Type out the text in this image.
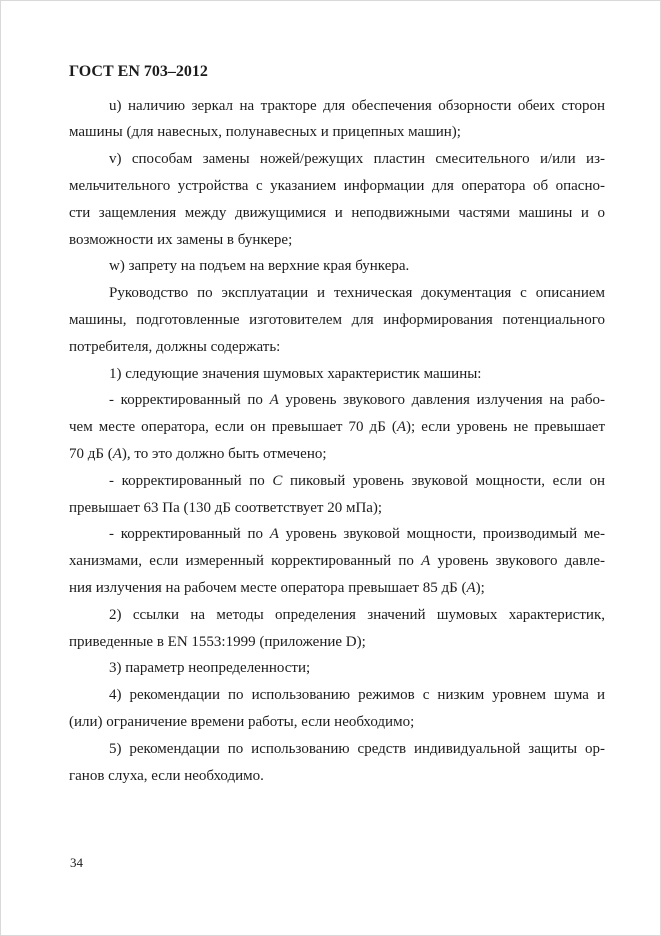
ГОСТ EN 703–2012
u) наличию зеркал на тракторе для обеспечения обзорности обеих сторон
машины (для навесных, полунавесных и прицепных машин);
v) способам замены ножей/режущих пластин смесительного и/или из-
мельчительного устройства с указанием информации для оператора об опасно-
сти защемления между движущимися и неподвижными частями машины и о
возможности их замены в бункере;
w) запрету на подъем на верхние края бункера.
Руководство по эксплуатации и техническая документация с описанием
машины, подготовленные изготовителем для информирования потенциального
потребителя, должны содержать:
1) следующие значения шумовых характеристик машины:
- корректированный по A уровень звукового давления излучения на рабо-
чем месте оператора, если он превышает 70 дБ (A); если уровень не превышает
70 дБ (A), то это должно быть отмечено;
- корректированный по C пиковый уровень звуковой мощности, если он
превышает 63 Па (130 дБ соответствует 20 мПа);
- корректированный по A уровень звуковой мощности, производимый ме-
ханизмами, если измеренный корректированный по A уровень звукового давле-
ния излучения на рабочем месте оператора превышает 85 дБ (A);
2) ссылки на методы определения значений шумовых характеристик,
приведенные в EN 1553:1999 (приложение D);
3) параметр неопределенности;
4) рекомендации по использованию режимов с низким уровнем шума и
(или) ограничение времени работы, если необходимо;
5) рекомендации по использованию средств индивидуальной защиты ор-
ганов слуха, если необходимо.
34
